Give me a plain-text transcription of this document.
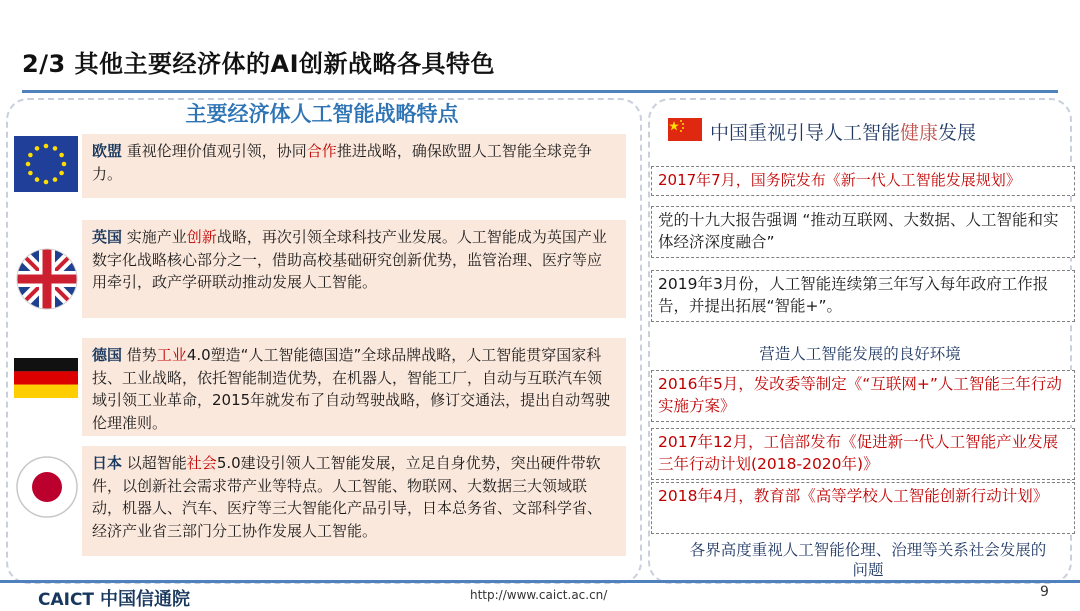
2/3 其他主要经济体的AI创新战略各具特色
主要经济体人工智能战略特点
欧盟 重视伦理价值观引领，协同合作推进战略，确保欧盟人工智能全球竞争力。
英国 实施产业创新战略，再次引领全球科技产业发展。人工智能成为英国产业数字化战略核心部分之一，借助高校基础研究创新优势，监管治理、医疗等应用牵引，政产学研联动推动发展人工智能。
德国 借势工业4.0塑造“人工智能德国造”全球品牌战略，人工智能贯穿国家科技、工业战略，依托智能制造优势，在机器人，智能工厂，自动与互联汽车领域引领工业革命，2015年就发布了自动驾驶战略，修订交通法，提出自动驾驶伦理准则。
日本 以超智能社会5.0建设引领人工智能发展，立足自身优势，突出硬件带软件，以创新社会需求带产业等特点。人工智能、物联网、大数据三大领域联动，机器人、汽车、医疗等三大智能化产品引导，日本总务省、文部科学省、经济产业省三部门分工协作发展人工智能。
中国重视引导人工智能健康发展
2017年7月，国务院发布《新一代人工智能发展规划》
党的十九大报告强调 “推动互联网、大数据、人工智能和实体经济深度融合”
2019年3月份，人工智能连续第三年写入每年政府工作报告，并提出拓展“智能+”。
营造人工智能发展的良好环境
2016年5月，发改委等制定《“互联网+”人工智能三年行动实施方案》
2017年12月，工信部发布《促进新一代人工智能产业发展三年行动计划(2018-2020年)》
2018年4月，教育部《高等学校人工智能创新行动计划》
各界高度重视人工智能伦理、治理等关系社会发展的问题
CAICT 中国信通院	http://www.caict.ac.cn/	9
